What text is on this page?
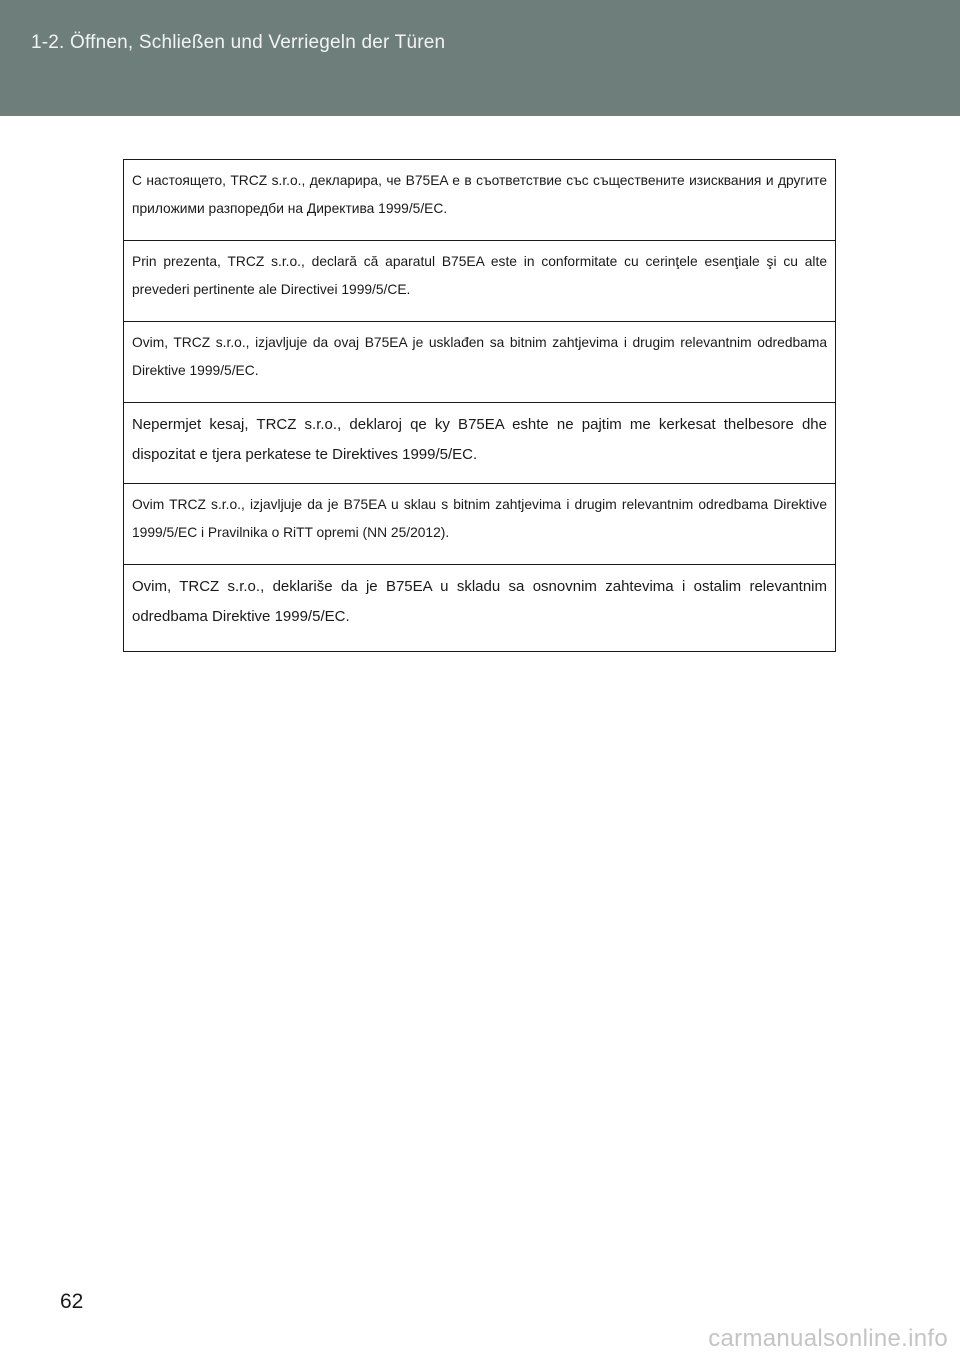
1-2. Öffnen, Schließen und Verriegeln der Türen

С настоящето, TRCZ s.r.o., декларира, че B75EA е в съответствие със съществените изисквания и другите приложими разпоредби на Директива 1999/5/EC.

Prin prezenta, TRCZ s.r.o., declară că aparatul B75EA este in conformitate cu cerinţele esenţiale şi cu alte prevederi pertinente ale Directivei 1999/5/CE.

Ovim, TRCZ s.r.o., izjavljuje da ovaj B75EA je usklađen sa bitnim zahtjevima i drugim relevantnim odredbama Direktive 1999/5/EC.

Nepermjet kesaj, TRCZ s.r.o., deklaroj qe ky B75EA eshte ne pajtim me kerkesat thelbesore dhe dispozitat e tjera perkatese te Direktives 1999/5/EC.

Ovim TRCZ s.r.o., izjavljuje da je B75EA u sklau s bitnim zahtjevima i drugim relevantnim odredbama Direktive 1999/5/EC i Pravilnika o RiTT opremi (NN 25/2012).

Ovim, TRCZ s.r.o., deklariše da je B75EA u skladu sa osnovnim zahtevima i ostalim relevantnim odredbama Direktive 1999/5/EC.

62
carmanualsonline.info
